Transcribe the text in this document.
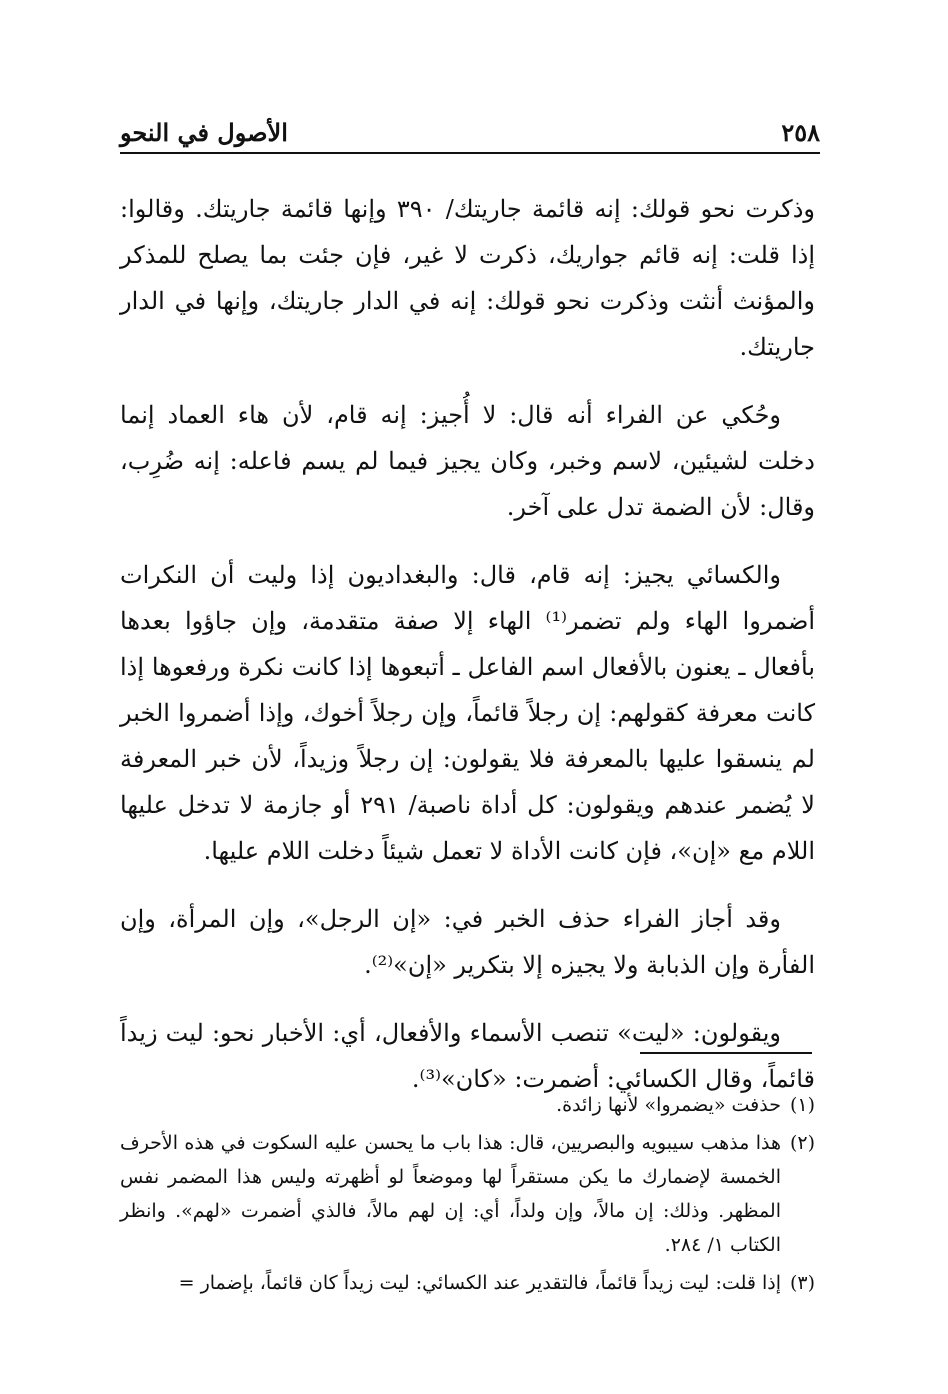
٢٥٨
الأصول في النحو

وذكرت نحو قولك: إنه قائمة جاريتك/ ٣٩٠ وإنها قائمة جاريتك. وقالوا: إذا قلت: إنه قائم جواريك، ذكرت لا غير، فإن جئت بما يصلح للمذكر والمؤنث أنثت وذكرت نحو قولك: إنه في الدار جاريتك، وإنها في الدار جاريتك.

وحُكي عن الفراء أنه قال: لا أُجيز: إنه قام، لأن هاء العماد إنما دخلت لشيئين، لاسم وخبر، وكان يجيز فيما لم يسم فاعله: إنه ضُرِب، وقال: لأن الضمة تدل على آخر.

والكسائي يجيز: إنه قام، قال: والبغداديون إذا وليت أن النكرات أضمروا الهاء ولم تضمر⁽¹⁾ الهاء إلا صفة متقدمة، وإن جاؤوا بعدها بأفعال ـ يعنون بالأفعال اسم الفاعل ـ أتبعوها إذا كانت نكرة ورفعوها إذا كانت معرفة كقولهم: إن رجلاً قائماً، وإن رجلاً أخوك، وإذا أضمروا الخبر لم ينسقوا عليها بالمعرفة فلا يقولون: إن رجلاً وزيداً، لأن خبر المعرفة لا يُضمر عندهم ويقولون: كل أداة ناصبة/ ٢٩١ أو جازمة لا تدخل عليها اللام مع «إن»، فإن كانت الأداة لا تعمل شيئاً دخلت اللام عليها.

وقد أجاز الفراء حذف الخبر في: «إن الرجل»، وإن المرأة، وإن الفأرة وإن الذبابة ولا يجيزه إلا بتكرير «إن»⁽²⁾.

ويقولون: «ليت» تنصب الأسماء والأفعال، أي: الأخبار نحو: ليت زيداً قائماً، وقال الكسائي: أضمرت: «كان»⁽³⁾.

(١)
حذفت «يضمروا» لأنها زائدة.

(٢)
هذا مذهب سيبويه والبصريين، قال: هذا باب ما يحسن عليه السكوت في هذه الأحرف الخمسة لإضمارك ما يكن مستقراً لها وموضعاً لو أظهرته وليس هذا المضمر نفس المظهر. وذلك: إن مالاً، وإن ولداً، أي: إن لهم مالاً، فالذي أضمرت «لهم». وانظر الكتاب ١/ ٢٨٤.

(٣)
إذا قلت: ليت زيداً قائماً، فالتقدير عند الكسائي: ليت زيداً كان قائماً، بإضمار =
